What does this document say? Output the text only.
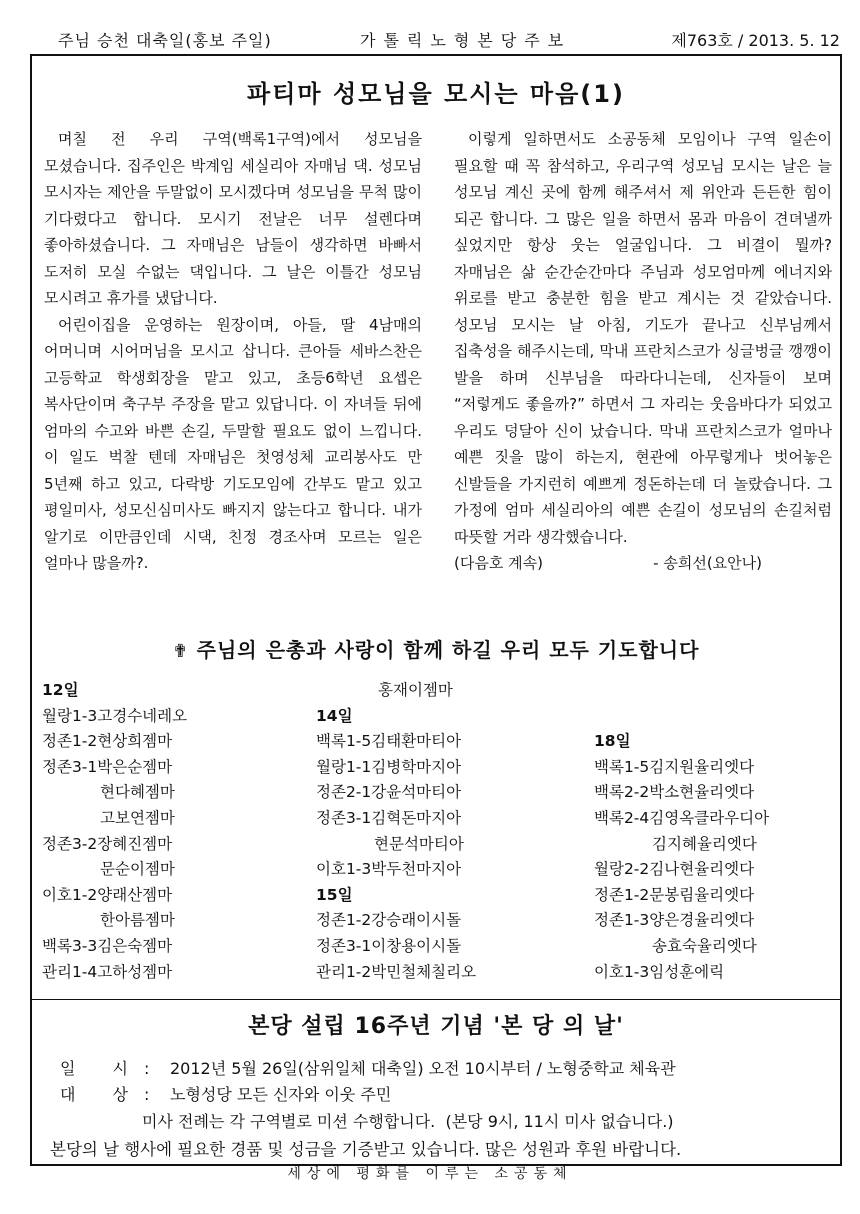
주님 승천 대축일(홍보 주일)	가톨릭노형본당주보	제763호 / 2013. 5. 12
파티마 성모님을 모시는 마음(1)

며칠 전 우리 구역(백록1구역)에서 성모님을 모셨습니다. 집주인은 박계임 세실리아 자매님 댁. 성모님 모시자는 제안을 두말없이 모시겠다며 성모님을 무척 많이 기다렸다고 합니다. 모시기 전날은 너무 설렌다며 좋아하셨습니다. 그 자매님은 남들이 생각하면 바빠서 도저히 모실 수없는 댁입니다. 그 날은 이틀간 성모님 모시려고 휴가를 냈답니다.

어린이집을 운영하는 원장이며, 아들, 딸 4남매의 어머니며 시어머님을 모시고 삽니다. 큰아들 세바스찬은 고등학교 학생회장을 맡고 있고, 초등6학년 요셉은 복사단이며 축구부 주장을 맡고 있답니다. 이 자녀들 뒤에 엄마의 수고와 바쁜 손길, 두말할 필요도 없이 느낍니다. 이 일도 벅찰 텐데 자매님은 첫영성체 교리봉사도 만 5년째 하고 있고, 다락방 기도모임에 간부도 맡고 있고 평일미사, 성모신심미사도 빠지지 않는다고 합니다. 내가 알기로 이만큼인데 시댁, 친정 경조사며 모르는 일은 얼마나 많을까?.

이렇게 일하면서도 소공동체 모임이나 구역 일손이 필요할 때 꼭 참석하고, 우리구역 성모님 모시는 날은 늘 성모님 계신 곳에 함께 해주셔서 제 위안과 든든한 힘이 되곤 합니다. 그 많은 일을 하면서 몸과 마음이 견뎌낼까 싶었지만 항상 웃는 얼굴입니다. 그 비결이 뭘까? 자매님은 삶 순간순간마다 주님과 성모엄마께 에너지와 위로를 받고 충분한 힘을 받고 계시는 것 같았습니다. 성모님 모시는 날 아침, 기도가 끝나고 신부님께서 집축성을 해주시는데, 막내 프란치스코가 싱글벙글 깽깽이 발을 하며 신부님을 따라다니는데, 신자들이 보며 “저렇게도 좋을까?” 하면서 그 자리는 웃음바다가 되었고 우리도 덩달아 신이 났습니다. 막내 프란치스코가 얼마나 예쁜 짓을 많이 하는지, 현관에 아무렇게나 벗어놓은 신발들을 가지런히 예쁘게 정돈하는데 더 놀랐습니다. 그 가정에 엄마 세실리아의 예쁜 손길이 성모님의 손길처럼 따뜻할 거라 생각했습니다.

(다음호 계속)	- 송희선(요안나)

✟ 주님의 은총과 사랑이 함께 하길 우리 모두 기도합니다
홍재이젬마
12일
월랑1-3고경수네레오
정존1-2현상희젬마
정존3-1박은순젬마
현다혜젬마
고보연젬마
정존3-2장혜진젬마
문순이젬마
이호1-2양래산젬마
한아름젬마
백록3-3김은숙젬마
관리1-4고하성젬마
14일
백록1-5김태환마티아
월랑1-1김병학마지아
정존2-1강윤석마티아
정존3-1김혁돈마지아
현문석마티아
이호1-3박두천마지아
15일
정존1-2강승래이시돌
정존3-1이창용이시돌
관리1-2박민철체칠리오
18일
백록1-5김지원율리엣다
백록2-2박소현율리엣다
백록2-4김영옥클라우디아
김지혜율리엣다
월랑2-2김나현율리엣다
정존1-2문봉림율리엣다
정존1-3양은경율리엣다
송효숙율리엣다
이호1-3임성훈에릭
본당 설립 16주년 기념 '본 당 의 날'
일 시: 2012년 5월 26일(삼위일체 대축일) 오전 10시부터 / 노형중학교 체육관
대 상: 노형성당 모든 신자와 이웃 주민
미사 전례는 각 구역별로 미션 수행합니다. (본당 9시, 11시 미사 없습니다.)
본당의 날 행사에 필요한 경품 및 성금을 기증받고 있습니다. 많은 성원과 후원 바랍니다.
세상에 평화를 이루는 소공동체
